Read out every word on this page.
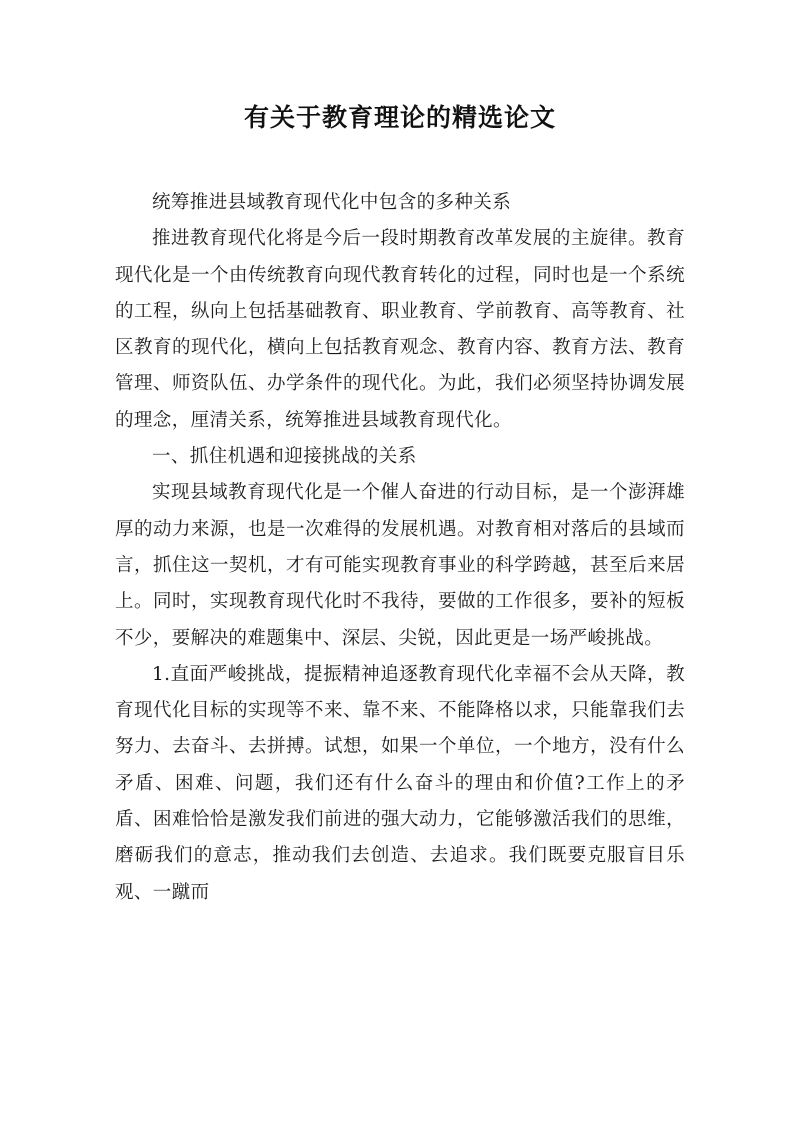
有关于教育理论的精选论文

统筹推进县域教育现代化中包含的多种关系

推进教育现代化将是今后一段时期教育改革发展的主旋律。教育现代化是一个由传统教育向现代教育转化的过程，同时也是一个系统的工程，纵向上包括基础教育、职业教育、学前教育、高等教育、社区教育的现代化，横向上包括教育观念、教育内容、教育方法、教育管理、师资队伍、办学条件的现代化。为此，我们必须坚持协调发展的理念，厘清关系，统筹推进县域教育现代化。

一、抓住机遇和迎接挑战的关系

实现县域教育现代化是一个催人奋进的行动目标，是一个澎湃雄厚的动力来源，也是一次难得的发展机遇。对教育相对落后的县域而言，抓住这一契机，才有可能实现教育事业的科学跨越，甚至后来居上。同时，实现教育现代化时不我待，要做的工作很多，要补的短板不少，要解决的难题集中、深层、尖锐，因此更是一场严峻挑战。

1.直面严峻挑战，提振精神追逐教育现代化幸福不会从天降，教育现代化目标的实现等不来、靠不来、不能降格以求，只能靠我们去努力、去奋斗、去拼搏。试想，如果一个单位，一个地方，没有什么矛盾、困难、问题，我们还有什么奋斗的理由和价值?工作上的矛盾、困难恰恰是激发我们前进的强大动力，它能够激活我们的思维，磨砺我们的意志，推动我们去创造、去追求。我们既要克服盲目乐观、一蹴而
